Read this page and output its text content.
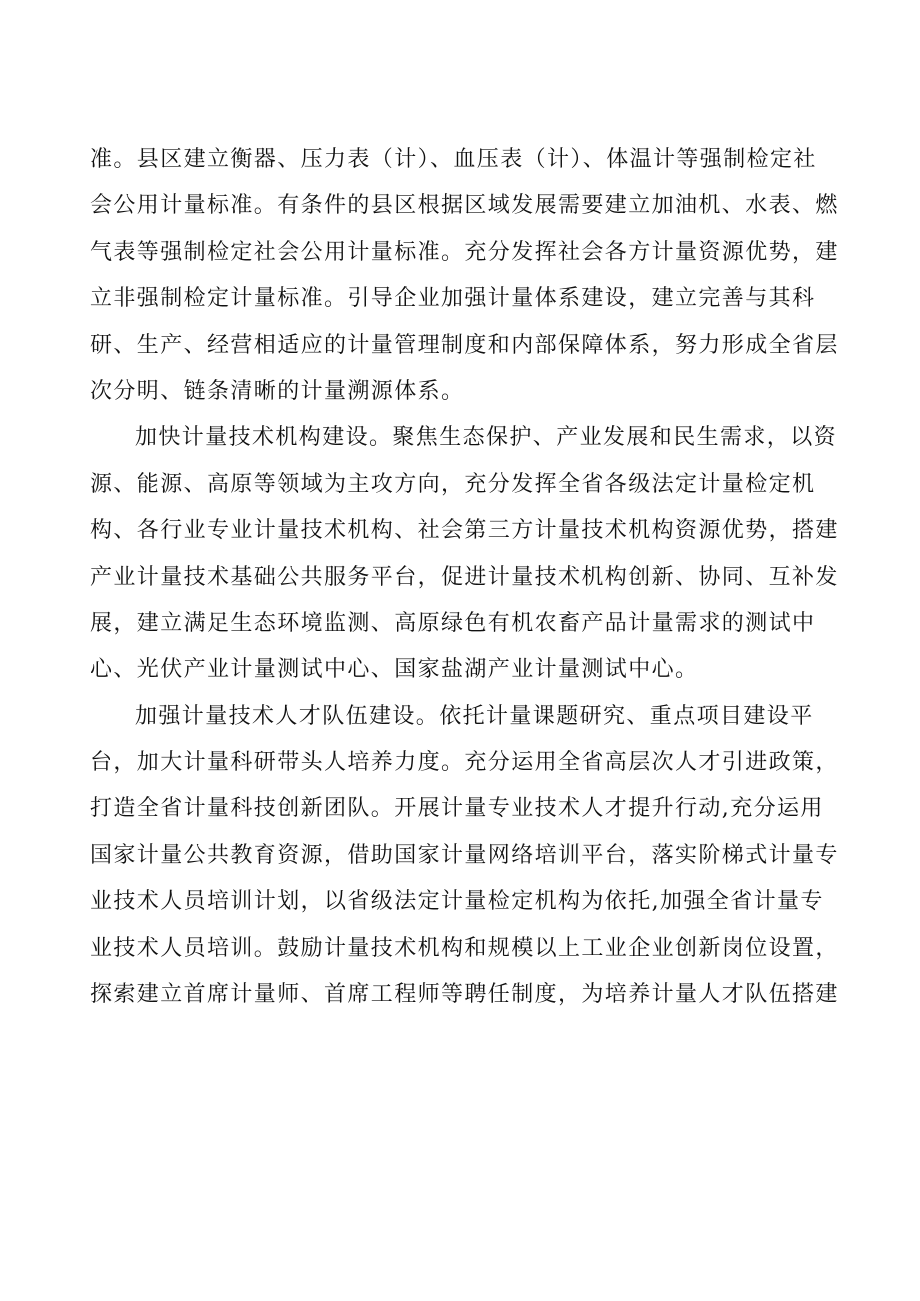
准。县区建立衡器、压力表（计）、血压表（计）、体温计等强制检定社
会公用计量标准。有条件的县区根据区域发展需要建立加油机、水表、燃
气表等强制检定社会公用计量标准。充分发挥社会各方计量资源优势，建
立非强制检定计量标准。引导企业加强计量体系建设，建立完善与其科
研、生产、经营相适应的计量管理制度和内部保障体系，努力形成全省层
次分明、链条清晰的计量溯源体系。
加快计量技术机构建设。聚焦生态保护、产业发展和民生需求，以资
源、能源、高原等领域为主攻方向，充分发挥全省各级法定计量检定机
构、各行业专业计量技术机构、社会第三方计量技术机构资源优势，搭建
产业计量技术基础公共服务平台，促进计量技术机构创新、协同、互补发
展，建立满足生态环境监测、高原绿色有机农畜产品计量需求的测试中
心、光伏产业计量测试中心、国家盐湖产业计量测试中心。
加强计量技术人才队伍建设。依托计量课题研究、重点项目建设平
台，加大计量科研带头人培养力度。充分运用全省高层次人才引进政策，
打造全省计量科技创新团队。开展计量专业技术人才提升行动,充分运用
国家计量公共教育资源，借助国家计量网络培训平台，落实阶梯式计量专
业技术人员培训计划，以省级法定计量检定机构为依托,加强全省计量专
业技术人员培训。鼓励计量技术机构和规模以上工业企业创新岗位设置，
探索建立首席计量师、首席工程师等聘任制度，为培养计量人才队伍搭建
